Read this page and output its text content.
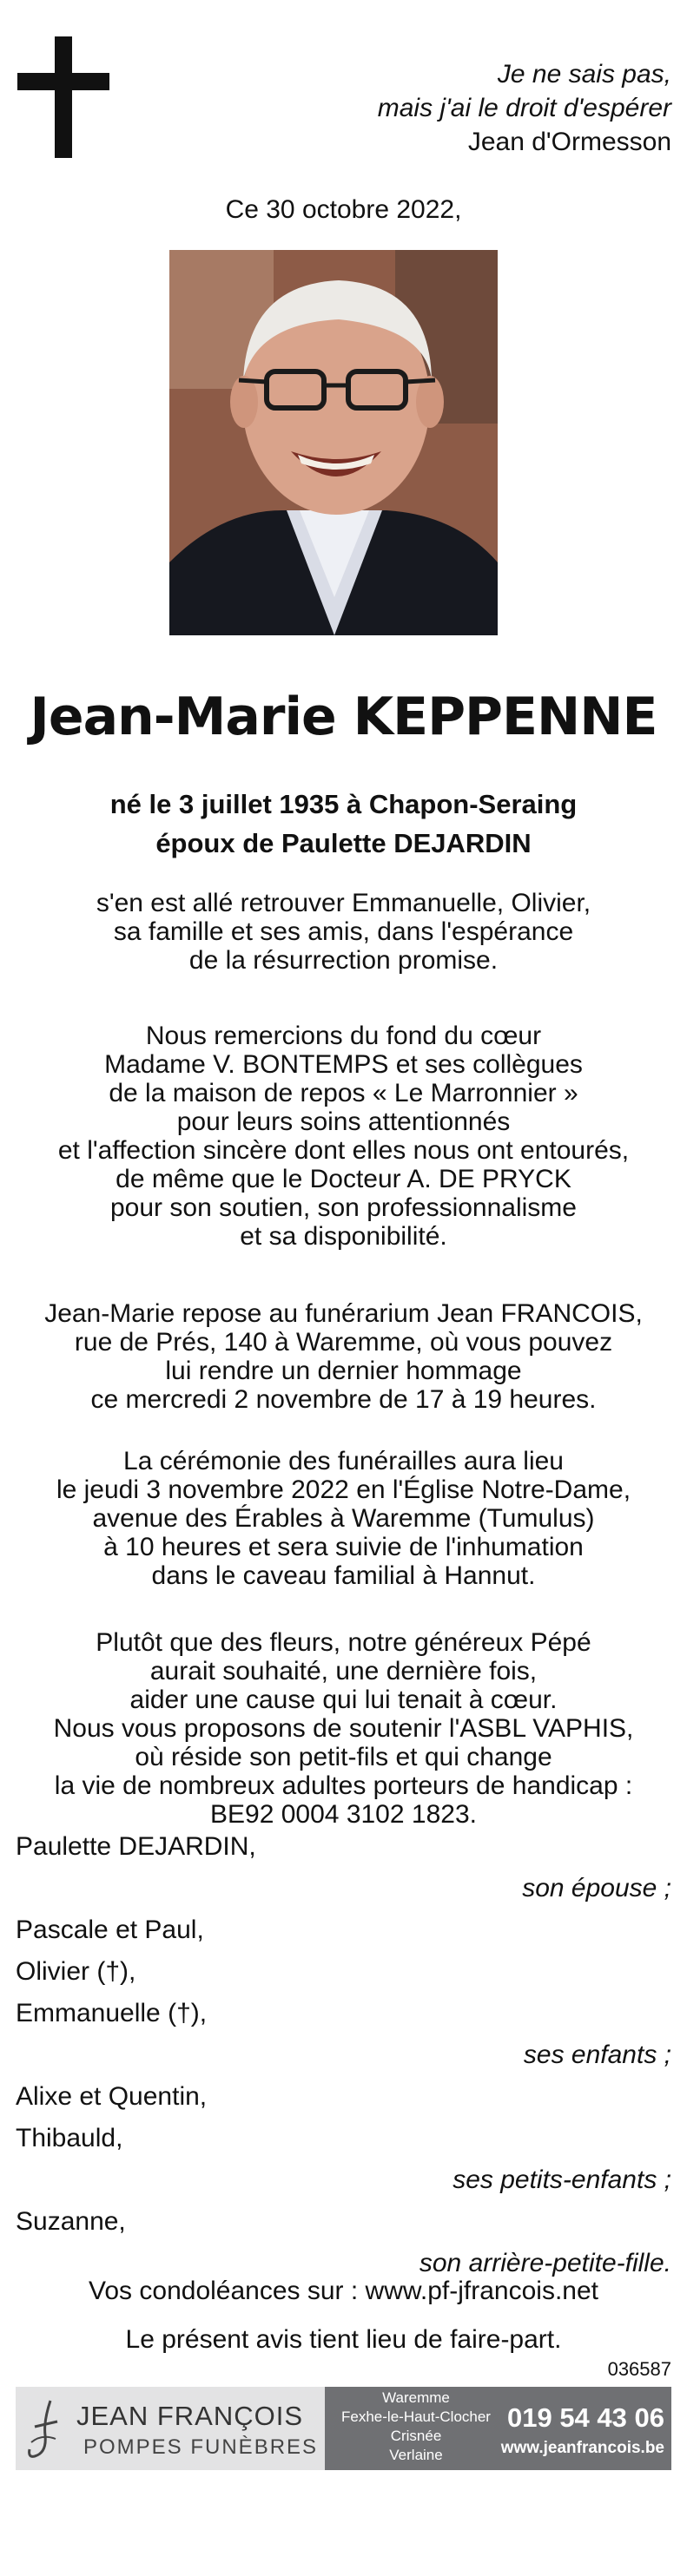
Je ne sais pas,
mais j'ai le droit d'espérer
Jean d'Ormesson
Ce 30 octobre 2022,
Jean-Marie KEPPENNE
né le 3 juillet 1935 à Chapon-Seraing
époux de Paulette DEJARDIN
s'en est allé retrouver Emmanuelle, Olivier,
sa famille et ses amis, dans l'espérance
de la résurrection promise.
Nous remercions du fond du cœur
Madame V. BONTEMPS et ses collègues
de la maison de repos « Le Marronnier »
pour leurs soins attentionnés
et l'affection sincère dont elles nous ont entourés,
de même que le Docteur A. DE PRYCK
pour son soutien, son professionnalisme
et sa disponibilité.
Jean-Marie repose au funérarium Jean FRANCOIS,
rue de Prés, 140 à Waremme, où vous pouvez
lui rendre un dernier hommage
ce mercredi 2 novembre de 17 à 19 heures.
La cérémonie des funérailles aura lieu
le jeudi 3 novembre 2022 en l'Église Notre-Dame,
avenue des Érables à Waremme (Tumulus)
à 10 heures et sera suivie de l'inhumation
dans le caveau familial à Hannut.
Plutôt que des fleurs, notre généreux Pépé
aurait souhaité, une dernière fois,
aider une cause qui lui tenait à cœur.
Nous vous proposons de soutenir l'ASBL VAPHIS,
où réside son petit-fils et qui change
la vie de nombreux adultes porteurs de handicap :
BE92 0004 3102 1823.
Paulette DEJARDIN,
son épouse ;
Pascale et Paul,
Olivier (†),
Emmanuelle (†),
ses enfants ;
Alixe et Quentin,
Thibauld,
ses petits-enfants ;
Suzanne,
son arrière-petite-fille.
Vos condoléances sur : www.pf-jfrancois.net
Le présent avis tient lieu de faire-part.
036587
JEAN FRANÇOIS
POMPES FUNÈBRES
Waremme
Fexhe-le-Haut-Clocher
Crisnée
Verlaine
019 54 43 06
www.jeanfrancois.be
